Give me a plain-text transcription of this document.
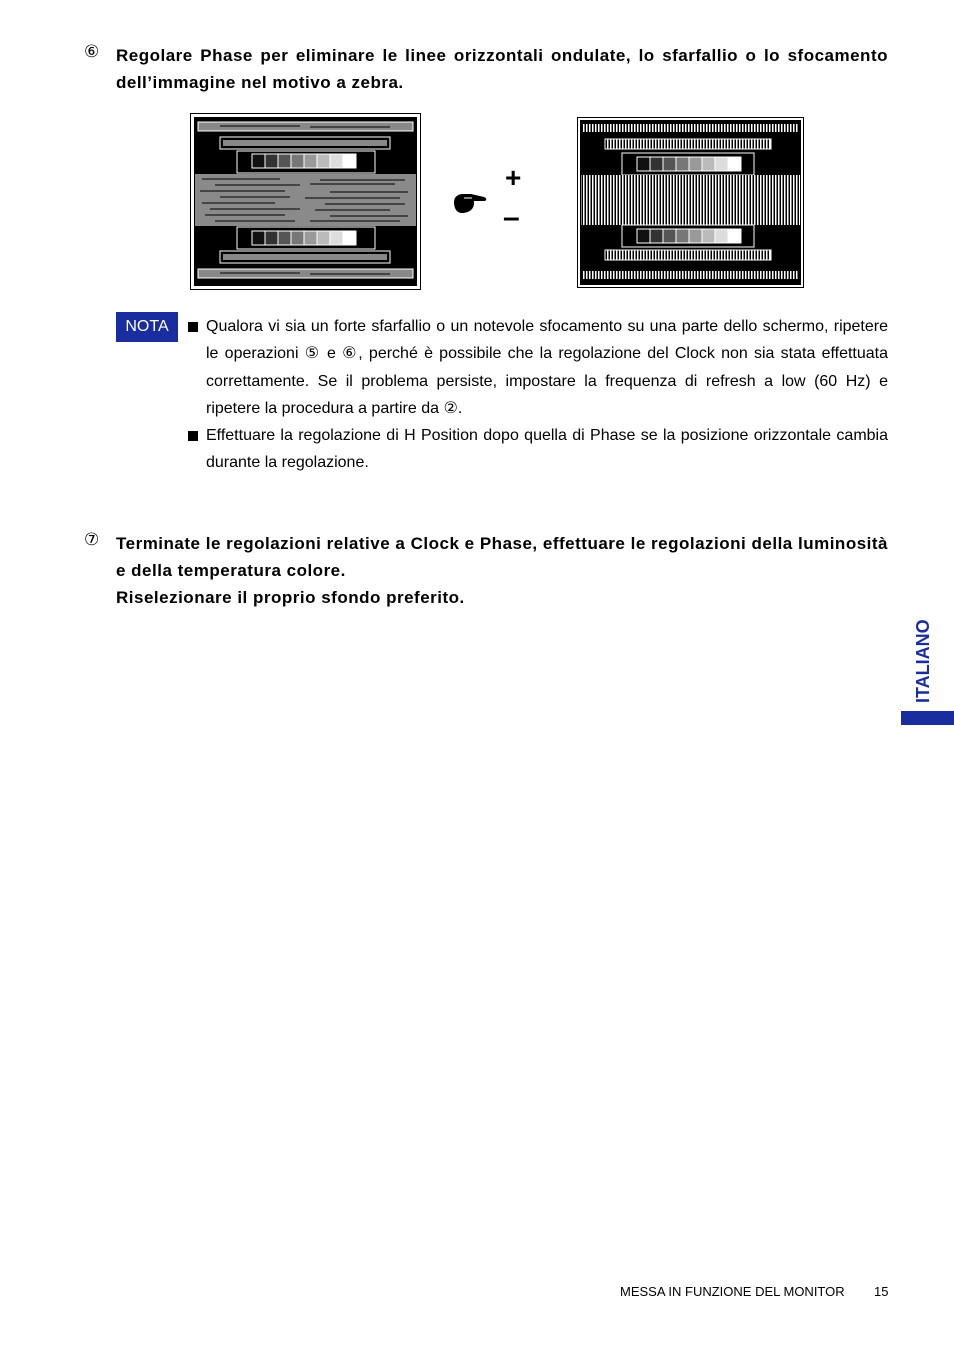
⑥ Regolare Phase per eliminare le linee orizzontali ondulate, lo sfarfallio o lo sfocamento dell’immagine nel motivo a zebra.

+
–
NOTA	Qualora vi sia un forte sfarfallio o un notevole sfocamento su una parte dello schermo, ripetere le operazioni ⑤ e ⑥, perché è possibile che la regolazione del Clock non sia stata effettuata correttamente. Se il problema persiste, impostare la frequenza di refresh a low (60 Hz) e ripetere la procedura a partire da ②.
Effettuare la regolazione di H Position dopo quella di Phase se la posizione orizzontale cambia durante la regolazione.
⑦ Terminate le regolazioni relative a Clock e Phase, effettuare le regolazioni della luminosità e della temperatura colore.

Riselezionare il proprio sfondo preferito.

ITALIANO
MESSA IN FUNZIONE DEL MONITOR 15
